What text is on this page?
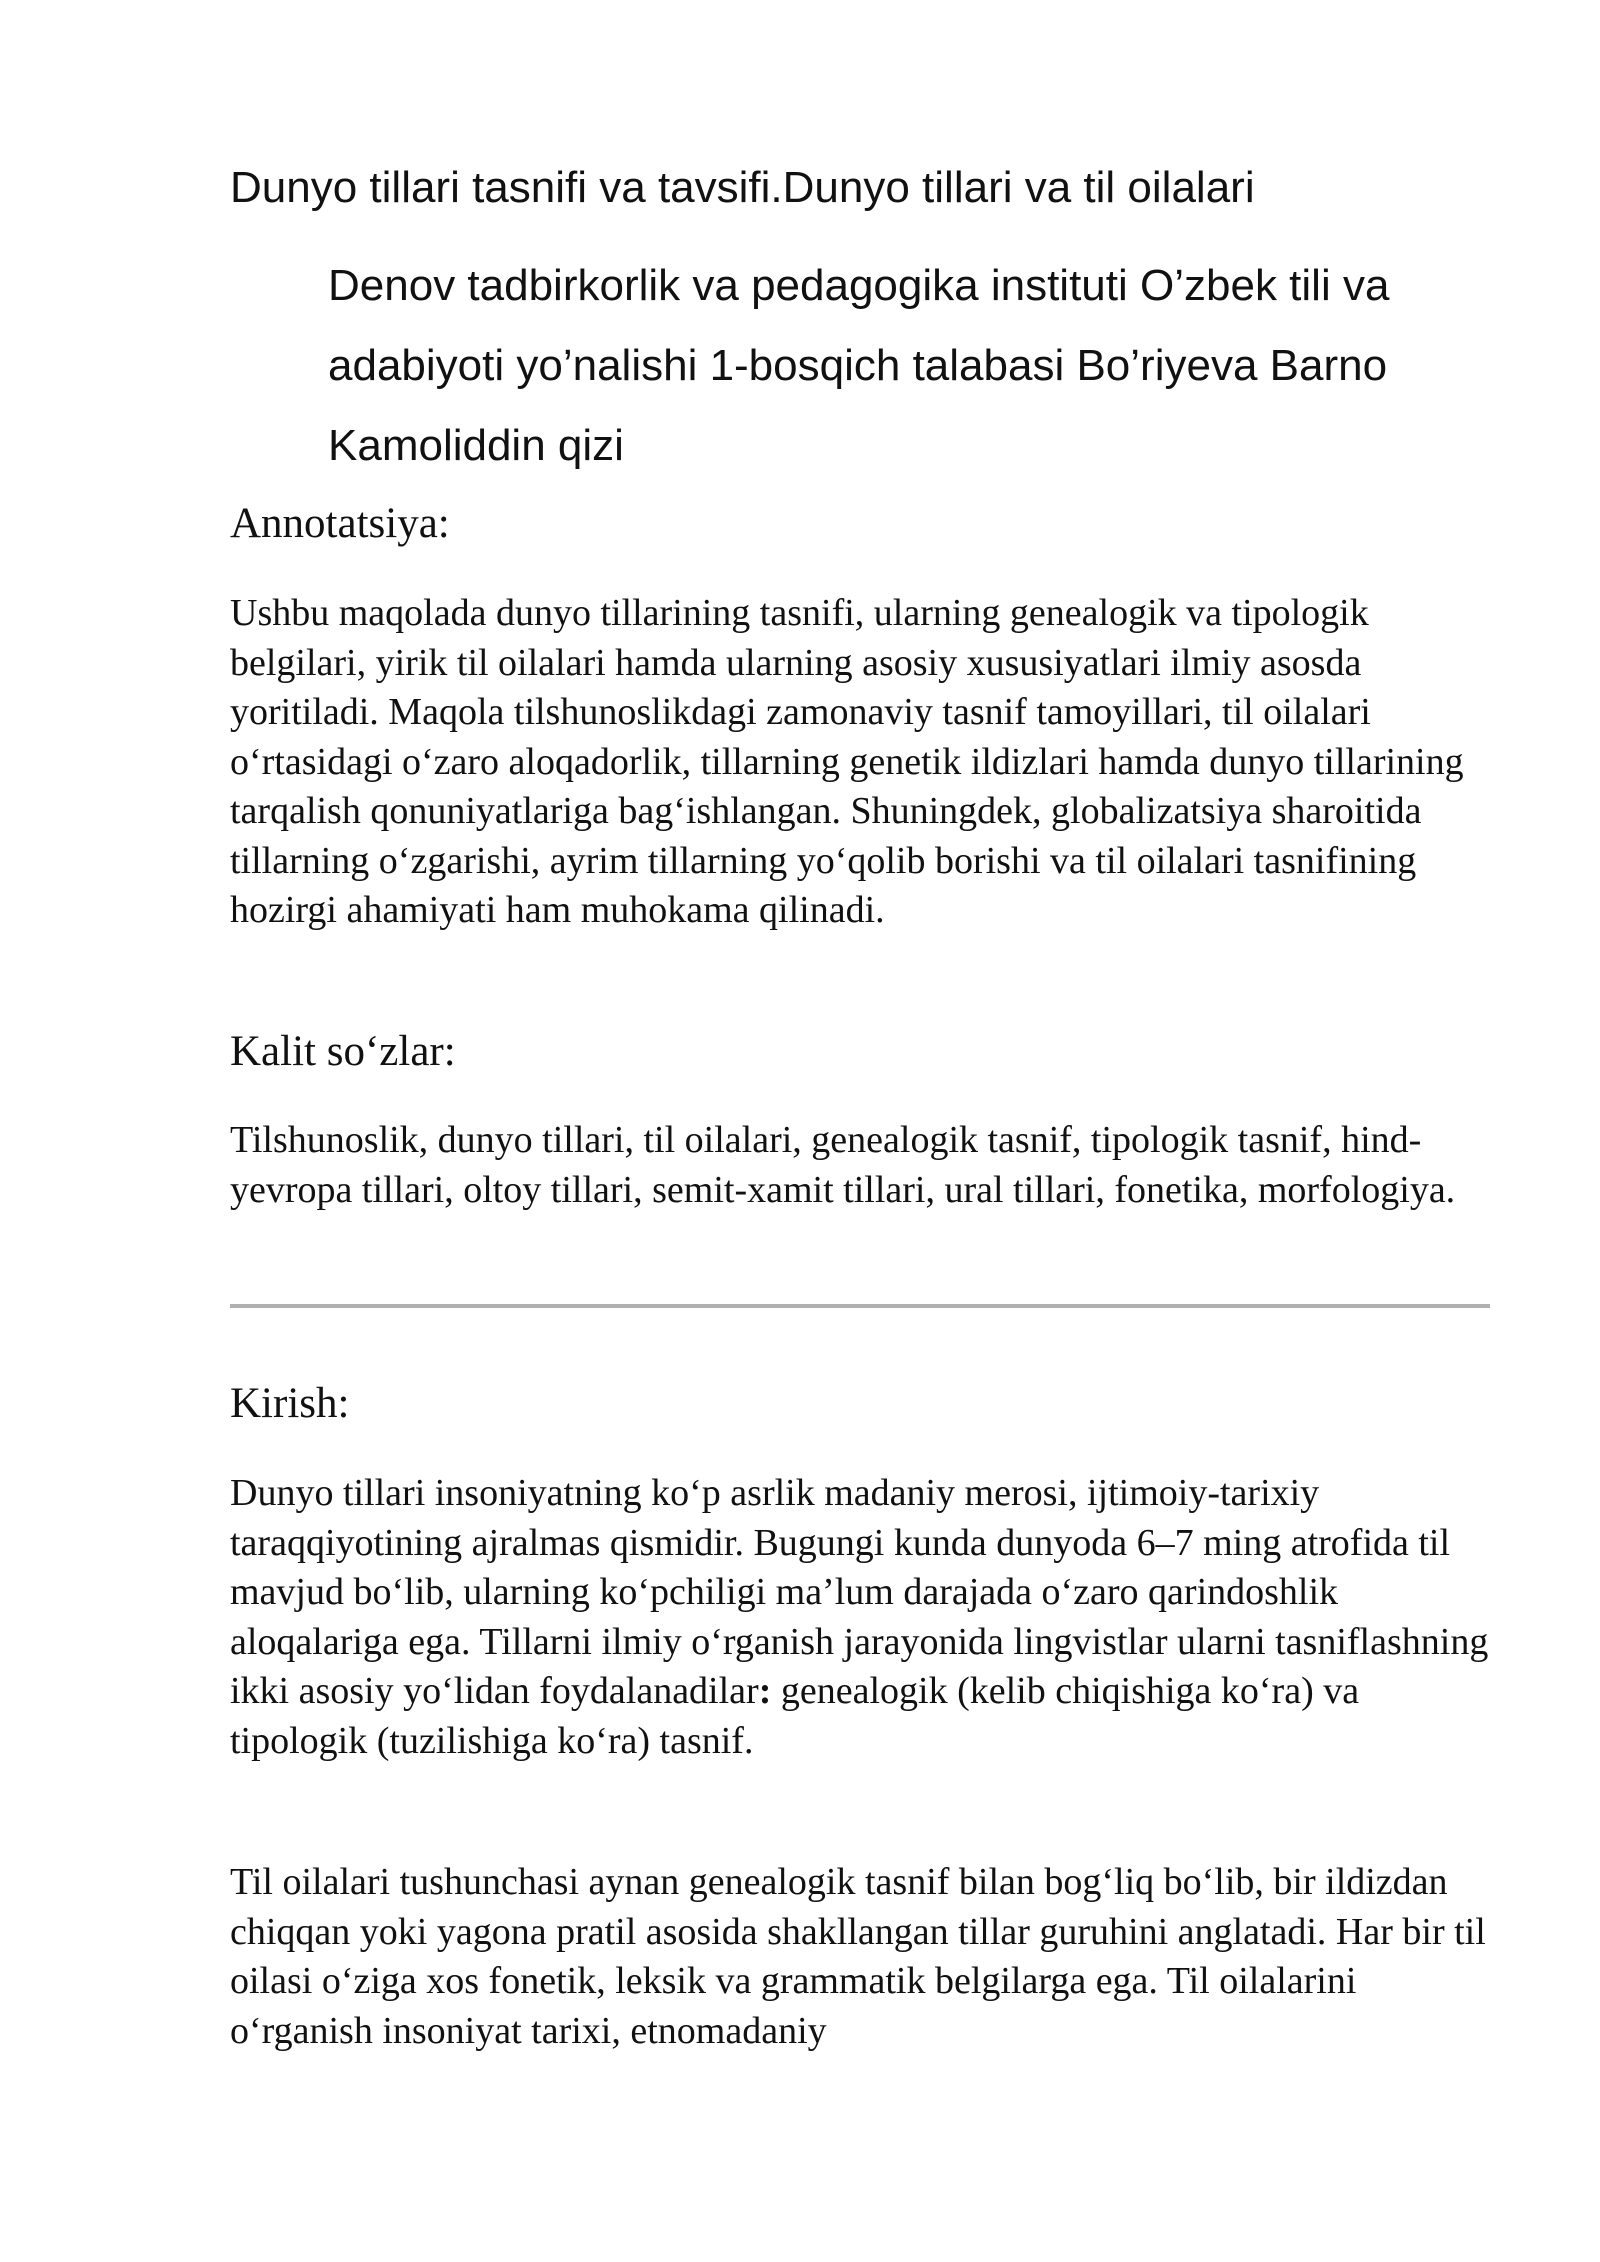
Dunyo tillari tasnifi va tavsifi.Dunyo tillari va til oilalari

Denov tadbirkorlik va pedagogika instituti O’zbek tili va adabiyoti yo’nalishi 1-bosqich talabasi Bo’riyeva Barno Kamoliddin qizi

Annotatsiya:

Ushbu maqolada dunyo tillarining tasnifi, ularning genealogik va tipologik belgilari, yirik til oilalari hamda ularning asosiy xususiyatlari ilmiy asosda yoritiladi. Maqola tilshunoslikdagi zamonaviy tasnif tamoyillari, til oilalari o‘rtasidagi o‘zaro aloqadorlik, tillarning genetik ildizlari hamda dunyo tillarining tarqalish qonuniyatlariga bag‘ishlangan. Shuningdek, globalizatsiya sharoitida tillarning o‘zgarishi, ayrim tillarning yo‘qolib borishi va til oilalari tasnifining hozirgi ahamiyati ham muhokama qilinadi.

Kalit so‘zlar:

Tilshunoslik, dunyo tillari, til oilalari, genealogik tasnif, tipologik tasnif, hind-yevropa tillari, oltoy tillari, semit-xamit tillari, ural tillari, fonetika, morfologiya.

Kirish:

Dunyo tillari insoniyatning ko‘p asrlik madaniy merosi, ijtimoiy-tarixiy taraqqiyotining ajralmas qismidir. Bugungi kunda dunyoda 6–7 ming atrofida til mavjud bo‘lib, ularning ko‘pchiligi ma’lum darajada o‘zaro qarindoshlik aloqalariga ega. Tillarni ilmiy o‘rganish jarayonida lingvistlar ularni tasniflashning ikki asosiy yo‘lidan foydalanadilar: genealogik (kelib chiqishiga ko‘ra) va tipologik (tuzilishiga ko‘ra) tasnif.

Til oilalari tushunchasi aynan genealogik tasnif bilan bog‘liq bo‘lib, bir ildizdan chiqqan yoki yagona pratil asosida shakllangan tillar guruhini anglatadi. Har bir til oilasi o‘ziga xos fonetik, leksik va grammatik belgilarga ega. Til oilalarini o‘rganish insoniyat tarixi, etnomadaniy
